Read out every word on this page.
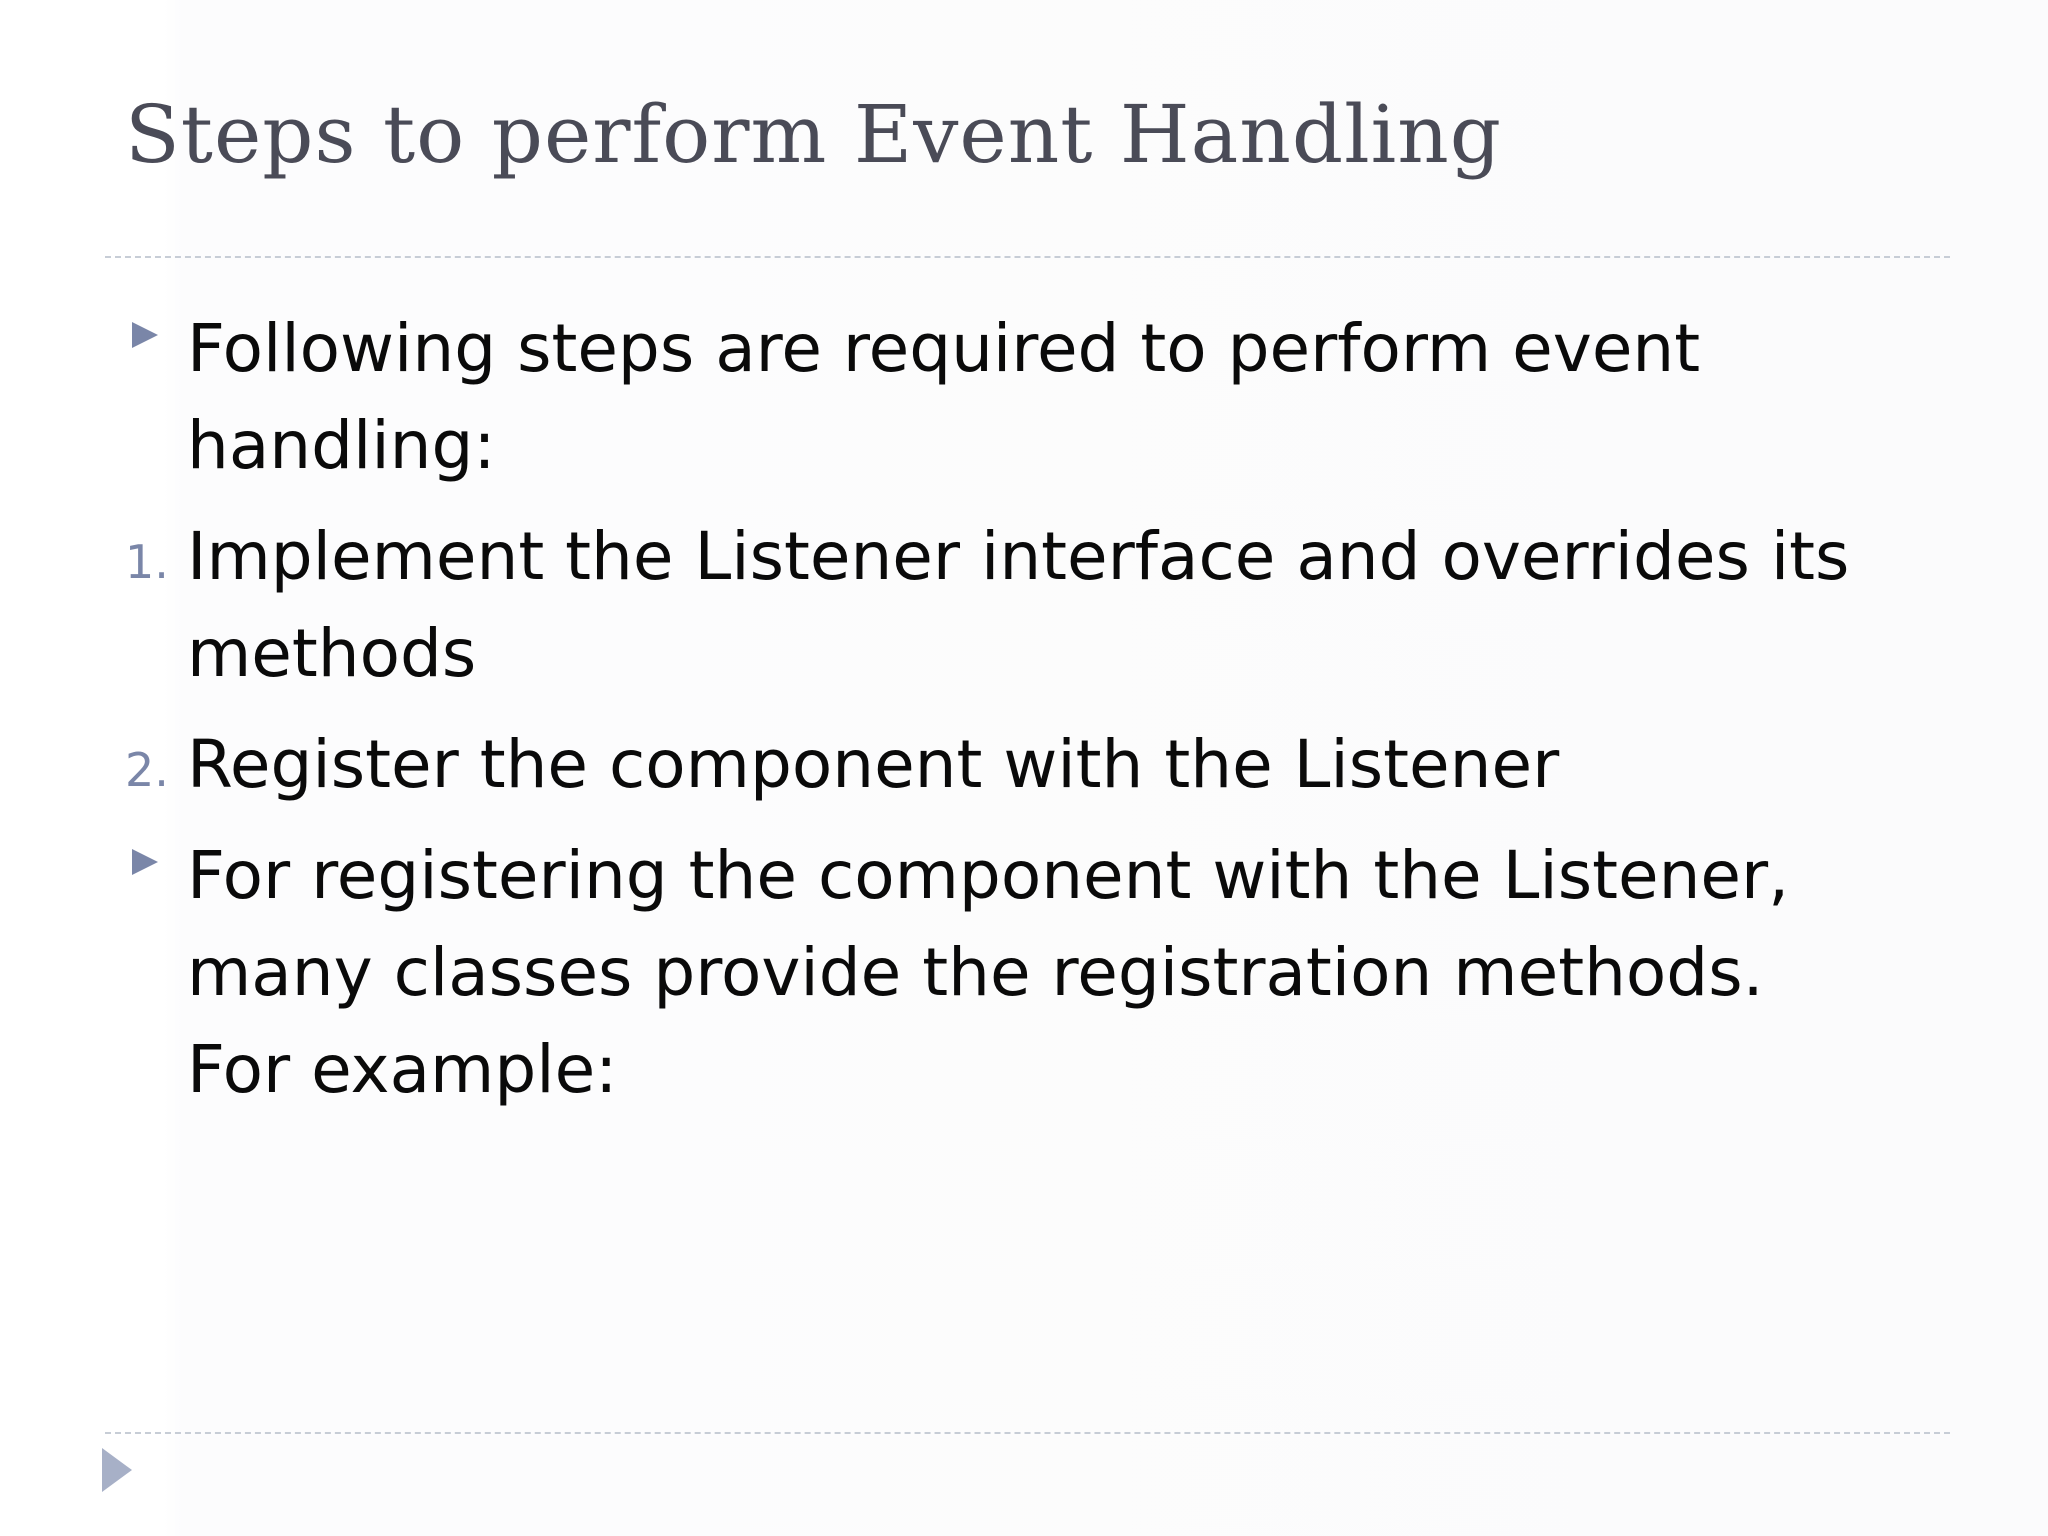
Steps to perform Event Handling
Following steps are required to perform event handling:
1. Implement the Listener interface and overrides its methods
2. Register the component with the Listener
For registering the component with the Listener, many classes provide the registration methods. For example:
